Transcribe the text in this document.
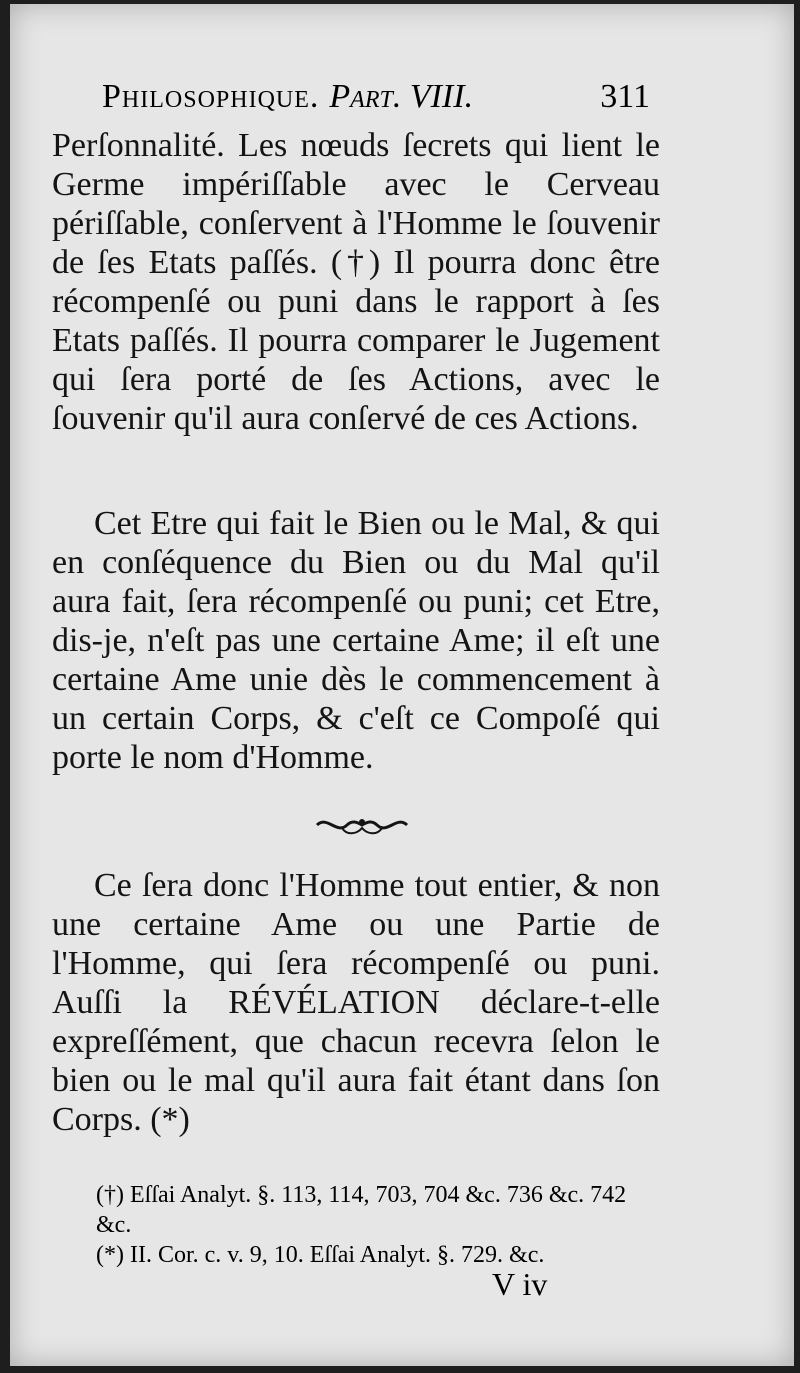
Philosophique. Part. VIII.	311

Perſonnalité. Les nœuds ſecrets qui lient le Germe impériſſable avec le Cerveau périſſable, conſervent à l'Homme le ſouvenir de ſes Etats paſſés. (†) Il pourra donc être récompenſé ou puni dans le rapport à ſes Etats paſſés. Il pourra comparer le Jugement qui ſera porté de ſes Actions, avec le ſouvenir qu'il aura conſervé de ces Actions.

Cet Etre qui fait le Bien ou le Mal, & qui en conſéquence du Bien ou du Mal qu'il aura fait, ſera récompenſé ou puni; cet Etre, dis-je, n'eſt pas une certaine Ame; il eſt une certaine Ame unie dès le commencement à un certain Corps, & c'eſt ce Compoſé qui porte le nom d'Homme.

Ce ſera donc l'Homme tout entier, & non une certaine Ame ou une Partie de l'Homme, qui ſera récompenſé ou puni. Auſſi la RÉVÉLATION déclare-t-elle expreſſément, que chacun recevra ſelon le bien ou le mal qu'il aura fait étant dans ſon Corps. (*)

(†) Eſſai Analyt. §. 113, 114, 703, 704 &c. 736 &c. 742 &c.

(*) II. Cor. c. v. 9, 10. Eſſai Analyt. §. 729. &c.

V iv
